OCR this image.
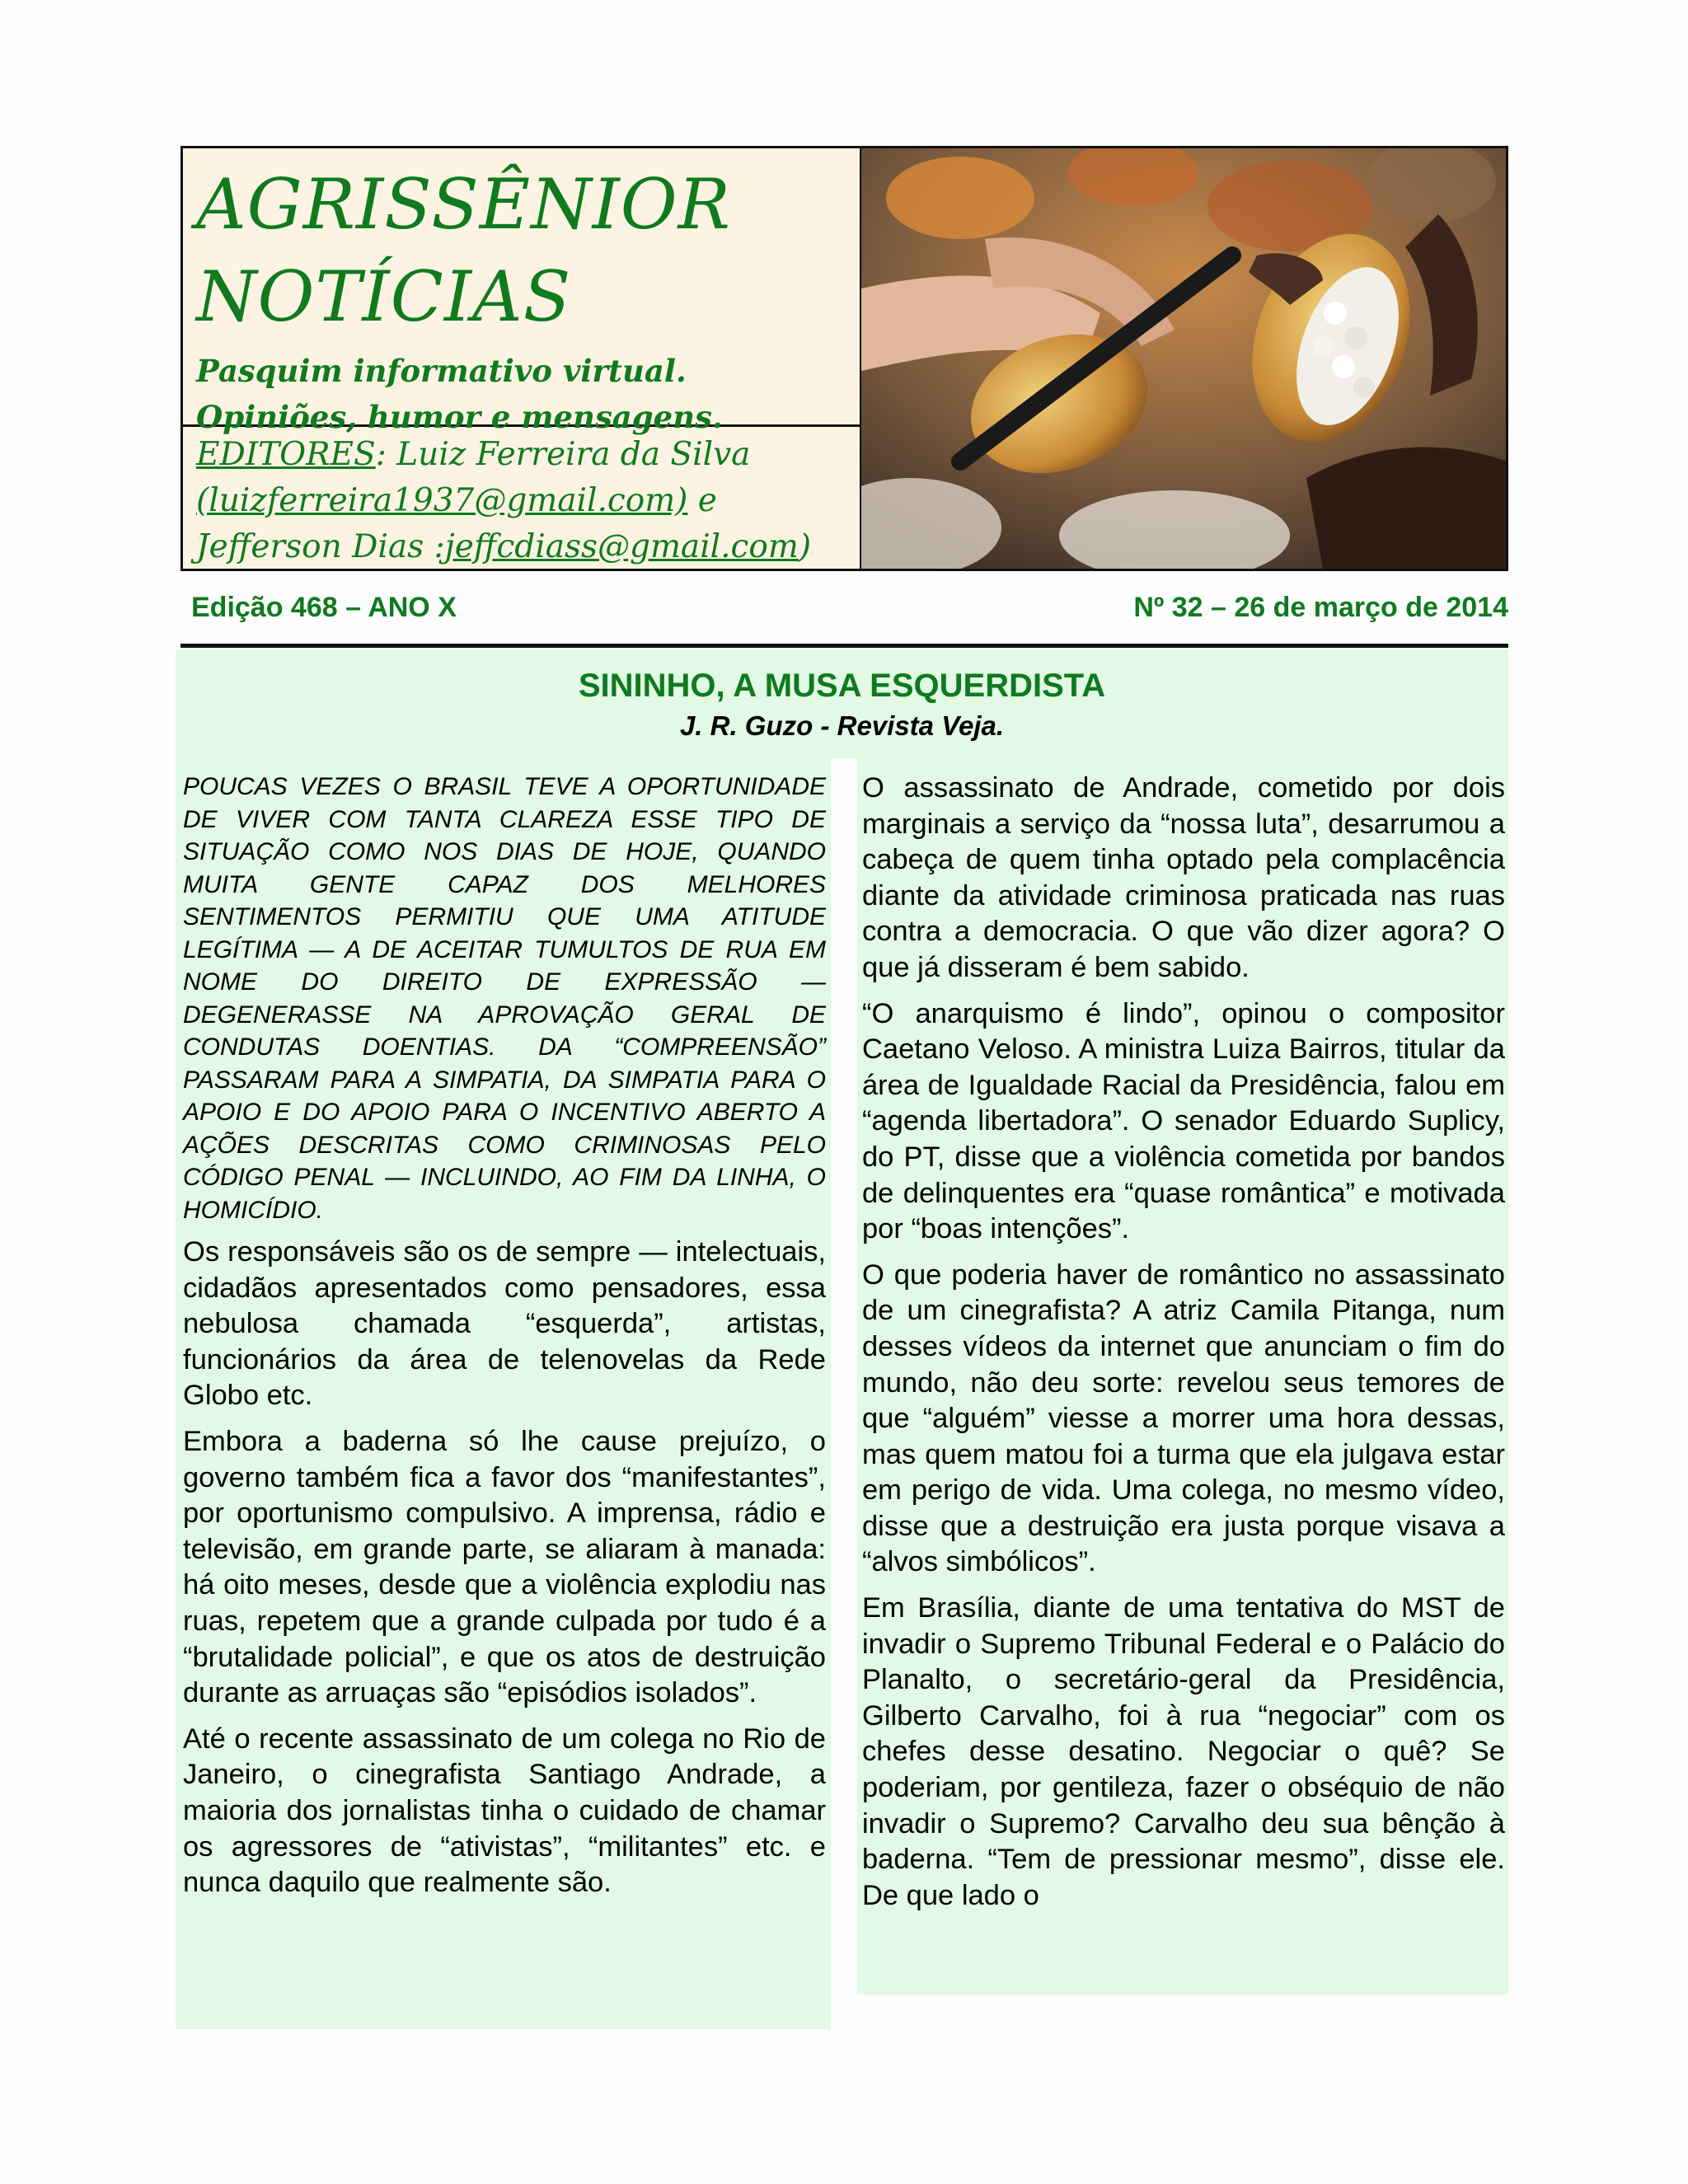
AGRISSÊNIOR

NOTÍCIAS

Pasquim informativo virtual.

Opiniões, humor e mensagens.

EDITORES: Luiz Ferreira da Silva
(luizferreira1937@gmail.com) e
Jefferson Dias :jeffcdiass@gmail.com)
Edição 468 – ANO X	Nº 32 – 26 de março de 2014
SININHO, A MUSA ESQUERDISTA

J. R. Guzo - Revista Veja.

POUCAS VEZES O BRASIL TEVE A OPORTUNIDADE DE VIVER COM TANTA CLAREZA ESSE TIPO DE SITUAÇÃO COMO NOS DIAS DE HOJE, QUANDO MUITA GENTE CAPAZ DOS MELHORES SENTIMENTOS PERMITIU QUE UMA ATITUDE LEGÍTIMA — A DE ACEITAR TUMULTOS DE RUA EM NOME DO DIREITO DE EXPRESSÃO — DEGENERASSE NA APROVAÇÃO GERAL DE CONDUTAS DOENTIAS. DA “COMPREENSÃO” PASSARAM PARA A SIMPATIA, DA SIMPATIA PARA O APOIO E DO APOIO PARA O INCENTIVO ABERTO A AÇÕES DESCRITAS COMO CRIMINOSAS PELO CÓDIGO PENAL — INCLUINDO, AO FIM DA LINHA, O HOMICÍDIO.

Os responsáveis são os de sempre — intelectuais, cidadãos apresentados como pensadores, essa nebulosa chamada “esquerda”, artistas, funcionários da área de telenovelas da Rede Globo etc.

Embora a baderna só lhe cause prejuízo, o governo também fica a favor dos “manifestantes”, por oportunismo compulsivo. A imprensa, rádio e televisão, em grande parte, se aliaram à manada: há oito meses, desde que a violência explodiu nas ruas, repetem que a grande culpada por tudo é a “brutalidade policial”, e que os atos de destruição durante as arruaças são “episódios isolados”.

Até o recente assassinato de um colega no Rio de Janeiro, o cinegrafista Santiago Andrade, a maioria dos jornalistas tinha o cuidado de chamar os agressores de “ativistas”, “militantes” etc. e nunca daquilo que realmente são.

O assassinato de Andrade, cometido por dois marginais a serviço da “nossa luta”, desarrumou a cabeça de quem tinha optado pela complacência diante da atividade criminosa praticada nas ruas contra a democracia. O que vão dizer agora? O que já disseram é bem sabido.

“O anarquismo é lindo”, opinou o compositor Caetano Veloso. A ministra Luiza Bairros, titular da área de Igualdade Racial da Presidência, falou em “agenda libertadora”. O senador Eduardo Suplicy, do PT, disse que a violência cometida por bandos de delinquentes era “quase romântica” e motivada por “boas intenções”.

O que poderia haver de romântico no assassinato de um cinegrafista? A atriz Camila Pitanga, num desses vídeos da internet que anunciam o fim do mundo, não deu sorte: revelou seus temores de que “alguém” viesse a morrer uma hora dessas, mas quem matou foi a turma que ela julgava estar em perigo de vida. Uma colega, no mesmo vídeo, disse que a destruição era justa porque visava a “alvos simbólicos”.

Em Brasília, diante de uma tentativa do MST de invadir o Supremo Tribunal Federal e o Palácio do Planalto, o secretário-geral da Presidência, Gilberto Carvalho, foi à rua “negociar” com os chefes desse desatino. Negociar o quê? Se poderiam, por gentileza, fazer o obséquio de não invadir o Supremo? Carvalho deu sua bênção à baderna. “Tem de pressionar mesmo”, disse ele. De que lado o
